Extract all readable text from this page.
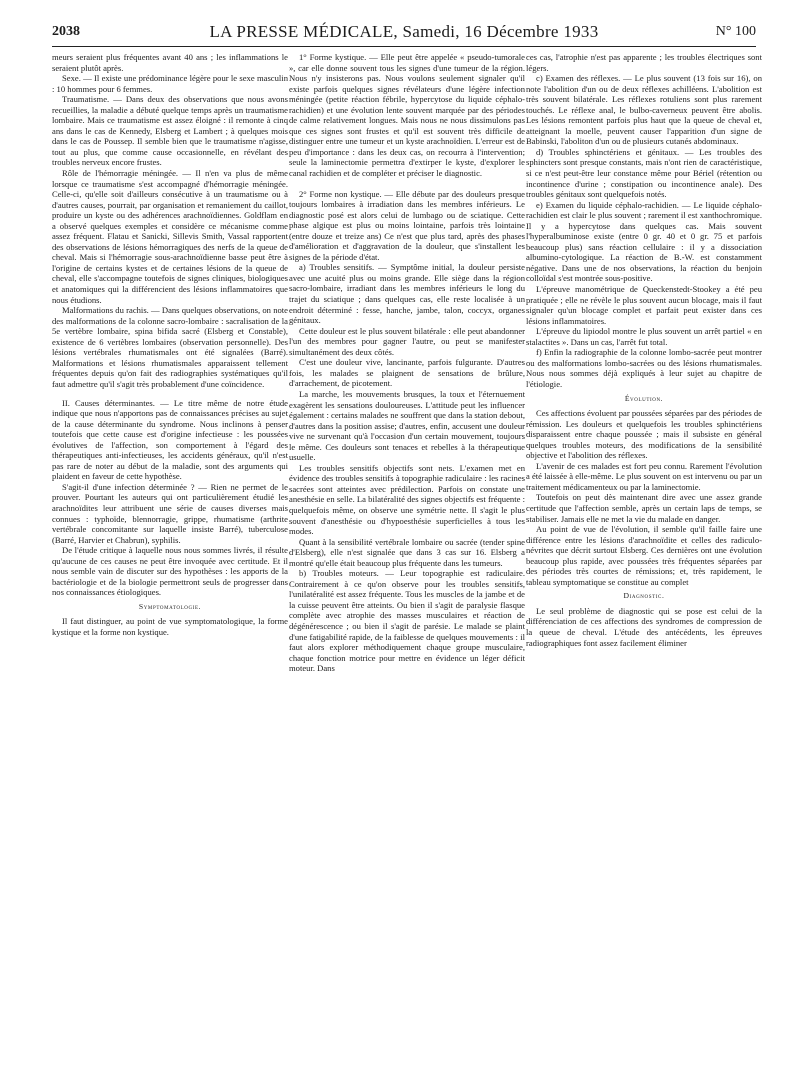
2038	LA PRESSE MÉDICALE, Samedi, 16 Décembre 1933	N° 100

meurs seraient plus fréquentes avant 40 ans ; les inflammations le seraient plutôt après.

Sexe. — Il existe une prédominance légère pour le sexe masculin : 10 hommes pour 6 femmes.

Traumatisme. — Dans deux des observations que nous avons recueillies, la maladie a débuté quelque temps après un traumatisme lombaire. Mais ce traumatisme est assez éloigné : il remonte à cinq ans dans le cas de Kennedy, Elsberg et Lambert ; à quelques mois dans le cas de Poussep. Il semble bien que le traumatisme n'agisse, tout au plus, que comme cause occasionnelle, en révélant des troubles nerveux encore frustes.

Rôle de l'hémorragie méningée. — Il n'en va plus de même lorsque ce traumatisme s'est accompagné d'hémorragie méningée. Celle-ci, qu'elle soit d'ailleurs consécutive à un traumatisme ou à d'autres causes, pourrait, par organisation et remaniement du caillot, produire un kyste ou des adhérences arachnoïdiennes. Goldflam en a observé quelques exemples et considère ce mécanisme comme assez fréquent. Flatau et Sanicki, Sillevis Smith, Vassal rapportent des observations de lésions hémorragiques des nerfs de la queue de cheval. Mais si l'hémorragie sous-arachnoïdienne basse peut être à l'origine de certains kystes et de certaines lésions de la queue de cheval, elle s'accompagne toutefois de signes cliniques, biologiques et anatomiques qui la différencient des lésions inflammatoires que nous étudions.

Malformations du rachis. — Dans quelques observations, on note des malformations de la colonne sacro-lombaire : sacralisation de la 5e vertèbre lombaire, spina bifida sacré (Elsberg et Constable), existence de 6 vertèbres lombaires (observation personnelle). Des lésions vertébrales rhumatismales ont été signalées (Barré). Malformations et lésions rhumatismales apparaissent tellement fréquentes depuis qu'on fait des radiographies systématiques qu'il faut admettre qu'il s'agit très probablement d'une coïncidence.

II. Causes déterminantes. — Le titre même de notre étude indique que nous n'apportons pas de connaissances précises au sujet de la cause déterminante du syndrome. Nous inclinons à penser toutefois que cette cause est d'origine infectieuse : les poussées évolutives de l'affection, son comportement à l'égard des thérapeutiques anti-infectieuses, les accidents généraux, qu'il n'est pas rare de noter au début de la maladie, sont des arguments qui plaident en faveur de cette hypothèse.

S'agit-il d'une infection déterminée ? — Rien ne permet de le prouver. Pourtant les auteurs qui ont particulièrement étudié les arachnoïdites leur attribuent une série de causes diverses mais connues : typhoïde, blennorragie, grippe, rhumatisme (arthrite vertébrale concomitante sur laquelle insiste Barré), tuberculose (Barré, Harvier et Chabrun), syphilis.

De l'étude critique à laquelle nous nous sommes livrés, il résulte qu'aucune de ces causes ne peut être invoquée avec certitude. Et il nous semble vain de discuter sur des hypothèses : les apports de la bactériologie et de la biologie permettront seuls de progresser dans nos connaissances étiologiques.

Symptomatologie.

Il faut distinguer, au point de vue symptomatologique, la forme kystique et la forme non kystique.

1° Forme kystique. — Elle peut être appelée « pseudo-tumorale », car elle donne souvent tous les signes d'une tumeur de la région. Nous n'y insisterons pas. Nous voulons seulement signaler qu'il existe parfois quelques signes révélateurs d'une légère infection méningée (petite réaction fébrile, hypercytose du liquide céphalo-rachidien) et une évolution lente souvent marquée par des périodes de calme relativement longues. Mais nous ne nous dissimulons pas que ces signes sont frustes et qu'il est souvent très difficile de distinguer entre une tumeur et un kyste arachnoïdien. L'erreur est de peu d'importance : dans les deux cas, on recourra à l'intervention; seule la laminectomie permettra d'extirper le kyste, d'explorer le canal rachidien et de compléter et préciser le diagnostic.

2° Forme non kystique. — Elle débute par des douleurs presque toujours lombaires à irradiation dans les membres inférieurs. Le diagnostic posé est alors celui de lumbago ou de sciatique. Cette phase algique est plus ou moins lointaine, parfois très lointaine (entre douze et treize ans) Ce n'est que plus tard, après des phases d'amélioration et d'aggravation de la douleur, que s'installent les signes de la période d'état.

a) Troubles sensitifs. — Symptôme initial, la douleur persiste avec une acuité plus ou moins grande. Elle siège dans la région sacro-lombaire, irradiant dans les membres inférieurs le long du trajet du sciatique ; dans quelques cas, elle reste localisée à un endroit déterminé : fesse, hanche, jambe, talon, coccyx, organes génitaux.

Cette douleur est le plus souvent bilatérale : elle peut abandonner l'un des membres pour gagner l'autre, ou peut se manifester simultanément des deux côtés.

C'est une douleur vive, lancinante, parfois fulgurante. D'autres fois, les malades se plaignent de sensations de brûlure, d'arrachement, de picotement.

La marche, les mouvements brusques, la toux et l'éternuement exagèrent les sensations douloureuses. L'attitude peut les influencer également : certains malades ne souffrent que dans la station debout, d'autres dans la position assise; d'autres, enfin, accusent une douleur vive ne survenant qu'à l'occasion d'un certain mouvement, toujours le même. Ces douleurs sont tenaces et rebelles à la thérapeutique usuelle.

Les troubles sensitifs objectifs sont nets. L'examen met en évidence des troubles sensitifs à topographie radiculaire : les racines sacrées sont atteintes avec prédilection. Parfois on constate une anesthésie en selle. La bilatéralité des signes objectifs est fréquente : quelquefois même, on observe une symétrie nette. Il s'agit le plus souvent d'anesthésie ou d'hypoesthésie superficielles à tous les modes.

Quant à la sensibilité vertébrale lombaire ou sacrée (tender spine d'Elsberg), elle n'est signalée que dans 3 cas sur 16. Elsberg a montré qu'elle était beaucoup plus fréquente dans les tumeurs.

b) Troubles moteurs. — Leur topographie est radiculaire. Contrairement à ce qu'on observe pour les troubles sensitifs, l'unilatéralité est assez fréquente. Tous les muscles de la jambe et de la cuisse peuvent être atteints. Ou bien il s'agit de paralysie flasque complète avec atrophie des masses musculaires et réaction de dégénérescence ; ou bien il s'agit de parésie. Le malade se plaint d'une fatigabilité rapide, de la faiblesse de quelques mouvements : il faut alors explorer méthodiquement chaque groupe musculaire, chaque fonction motrice pour mettre en évidence un léger déficit moteur. Dans

ces cas, l'atrophie n'est pas apparente ; les troubles électriques sont légers.

c) Examen des réflexes. — Le plus souvent (13 fois sur 16), on note l'abolition d'un ou de deux réflexes achilléens. L'abolition est très souvent bilatérale. Les réflexes rotuliens sont plus rarement touchés. Le réflexe anal, le bulbo-caverneux peuvent être abolis. Les lésions remontent parfois plus haut que la queue de cheval et, atteignant la moelle, peuvent causer l'apparition d'un signe de Babinski, l'aboliton d'un ou de plusieurs cutanés abdominaux.

d) Troubles sphinctériens et génitaux. — Les troubles des sphincters sont presque constants, mais n'ont rien de caractéristique, si ce n'est peut-être leur constance même pour Bériel (rétention ou incontinence d'urine ; constipation ou incontinence anale). Des troubles génitaux sont quelquefois notés.

e) Examen du liquide céphalo-rachidien. — Le liquide céphalo-rachidien est clair le plus souvent ; rarement il est xanthochromique. Il y a hypercytose dans quelques cas. Mais souvent l'hyperalbuminose existe (entre 0 gr. 40 et 0 gr. 75 et parfois beaucoup plus) sans réaction cellulaire : il y a dissociation albumino-cytologique. La réaction de B.-W. est constamment négative. Dans une de nos observations, la réaction du benjoin colloïdal s'est montrée sous-positive.

L'épreuve manométrique de Queckenstedt-Stookey a été peu pratiquée ; elle ne révèle le plus souvent aucun blocage, mais il faut signaler qu'un blocage complet et parfait peut exister dans ces lésions inflammatoires.

L'épreuve du lipiodol montre le plus souvent un arrêt partiel « en stalactites ». Dans un cas, l'arrêt fut total.

f) Enfin la radiographie de la colonne lombo-sacrée peut montrer ou des malformations lombo-sacrées ou des lésions rhumatismales. Nous nous sommes déjà expliqués à leur sujet au chapitre de l'étiologie.

Évolution.

Ces affections évoluent par poussées séparées par des périodes de rémission. Les douleurs et quelquefois les troubles sphinctériens disparaissent entre chaque poussée ; mais il subsiste en général quelques troubles moteurs, des modifications de la sensibilité objective et l'abolition des réflexes.

L'avenir de ces malades est fort peu connu. Rarement l'évolution a été laissée à elle-même. Le plus souvent on est intervenu ou par un traitement médicamenteux ou par la laminectomie.

Toutefois on peut dès maintenant dire avec une assez grande certitude que l'affection semble, après un certain laps de temps, se stabiliser. Jamais elle ne met la vie du malade en danger.

Au point de vue de l'évolution, il semble qu'il faille faire une différence entre les lésions d'arachnoïdite et celles des radiculo-névrites que décrit surtout Elsberg. Ces dernières ont une évolution beaucoup plus rapide, avec poussées très fréquentes séparées par des périodes très courtes de rémissions; et, très rapidement, le tableau symptomatique se constitue au complet

Diagnostic.

Le seul problème de diagnostic qui se pose est celui de la différenciation de ces affections des syndromes de compression de la queue de cheval. L'étude des antécédents, les épreuves radiographiques font assez facilement éliminer
